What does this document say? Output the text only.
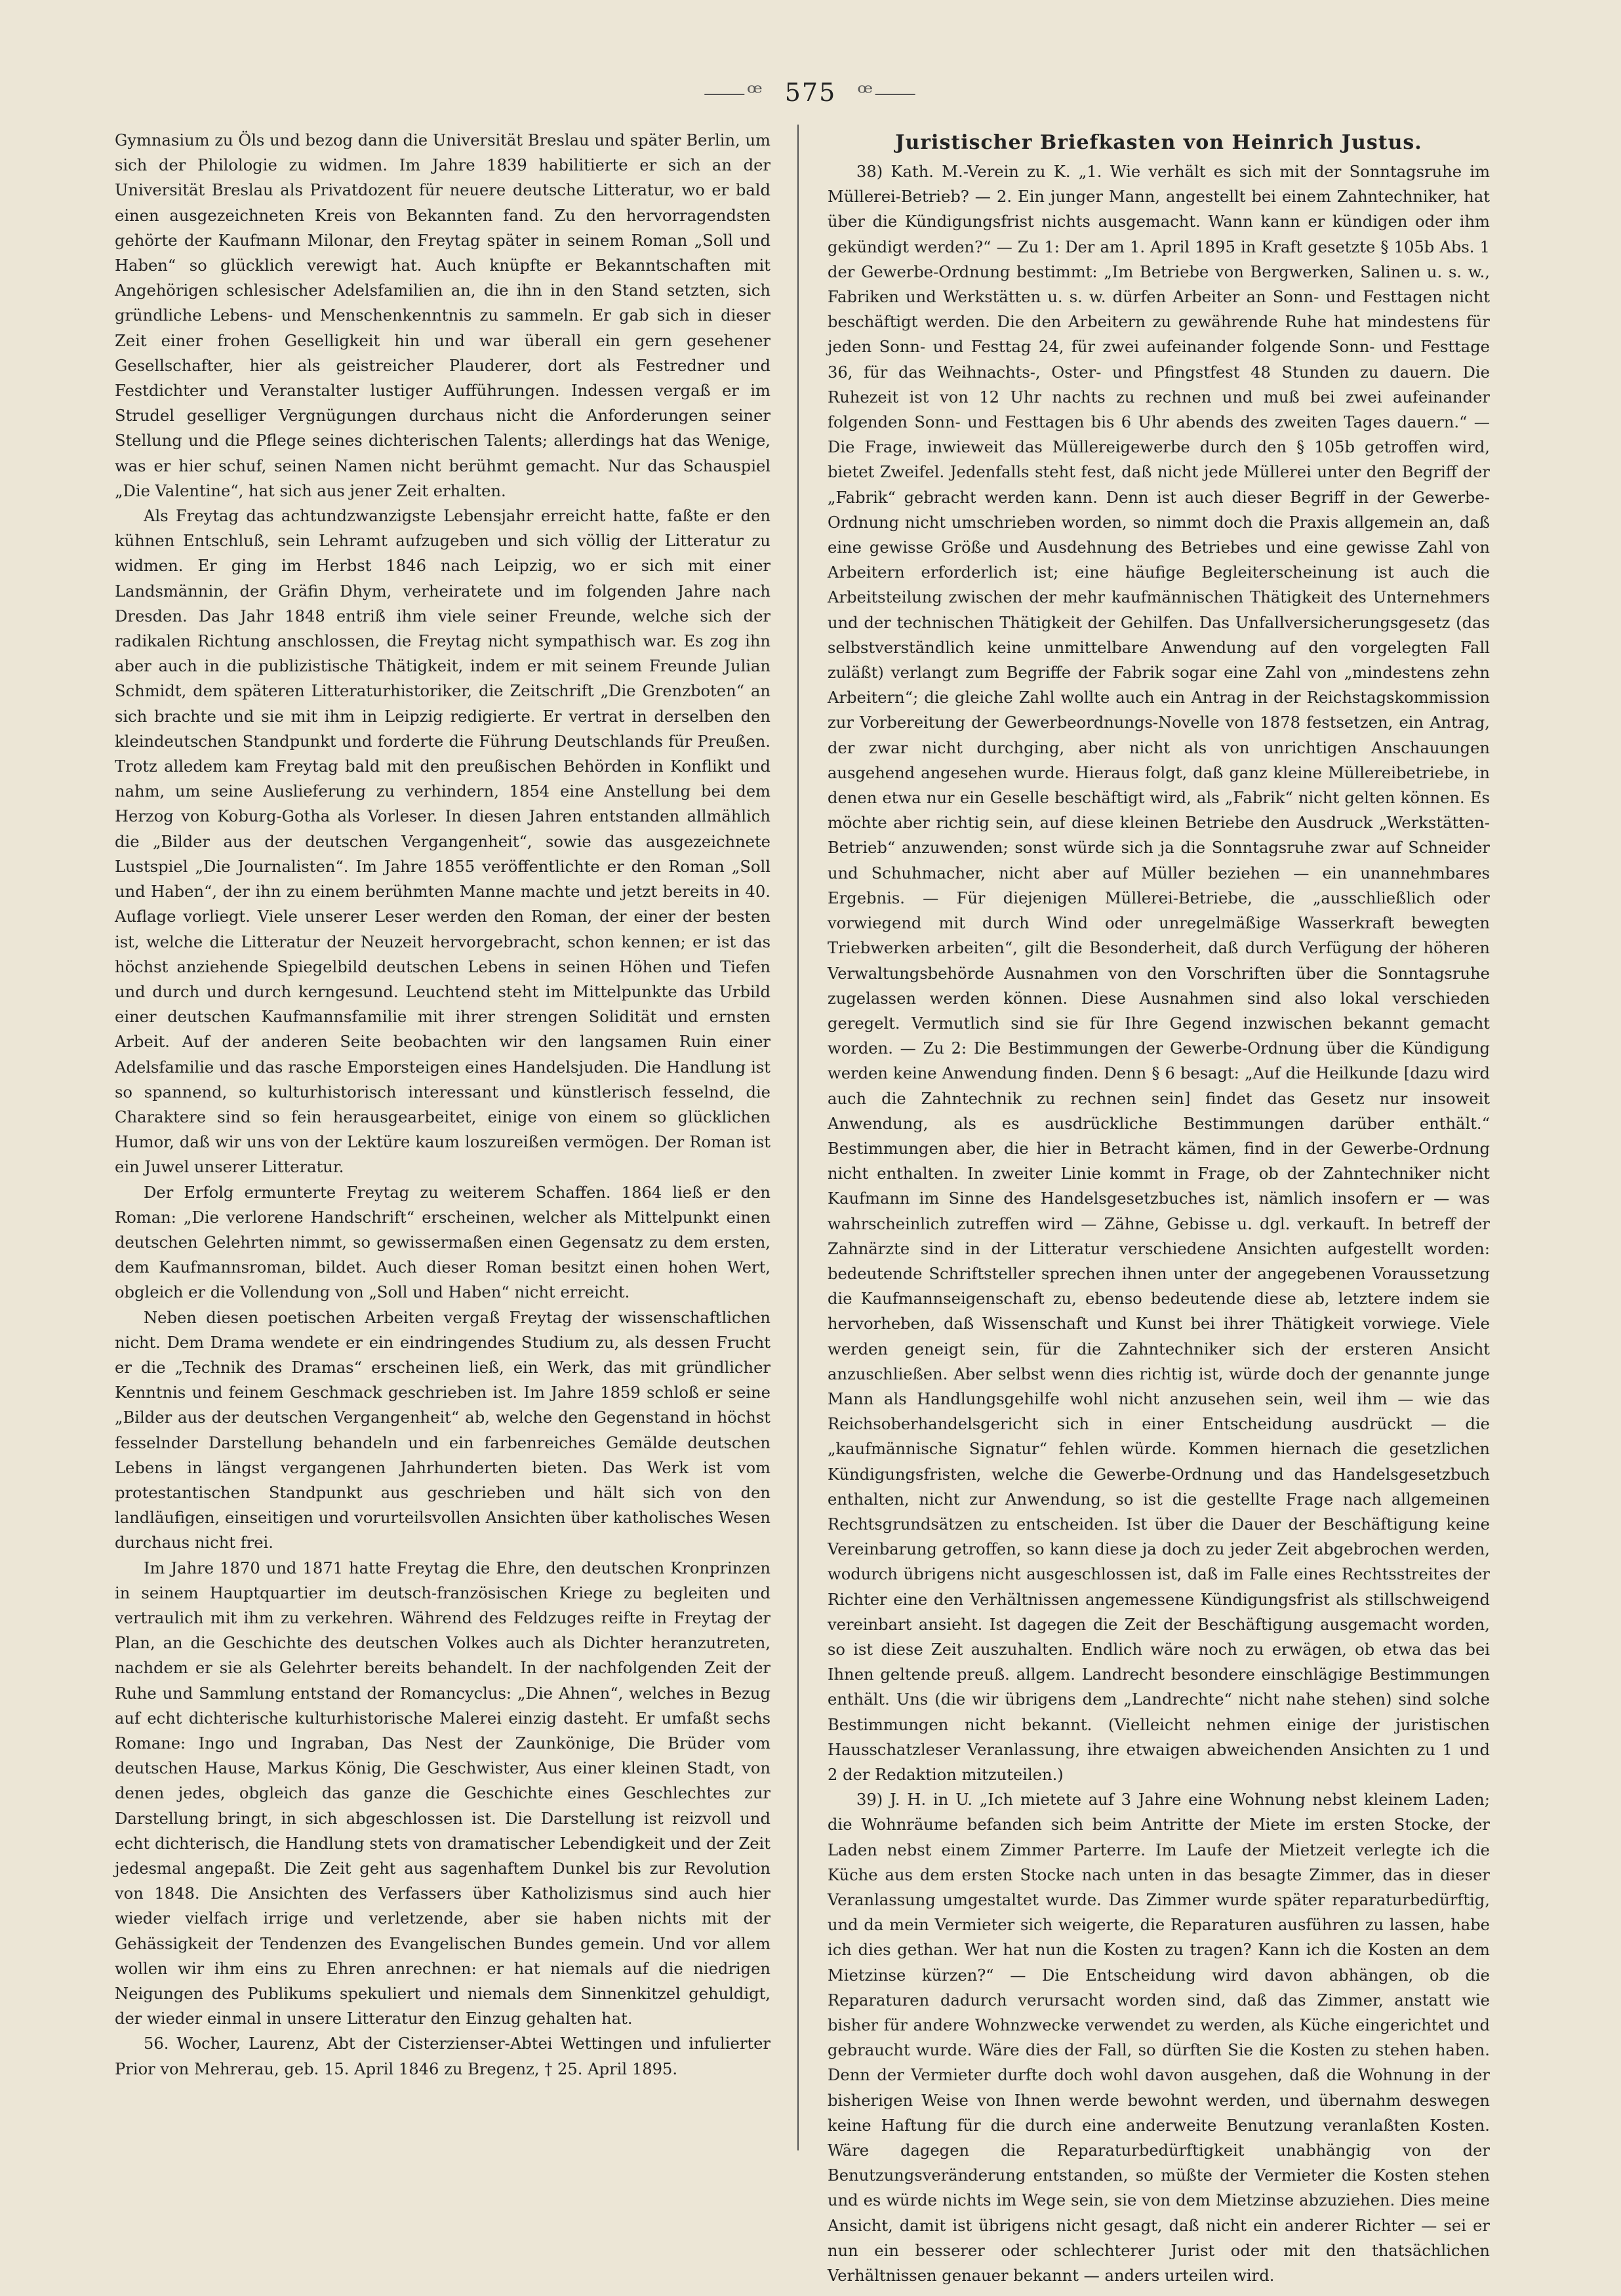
⸺ꟹ 575 ꟹ⸺

Gymnasium zu Öls und bezog dann die Universität Breslau und später Berlin, um sich der Philologie zu widmen. Im Jahre 1839 habilitierte er sich an der Universität Breslau als Privatdozent für neuere deutsche Litteratur, wo er bald einen ausgezeichneten Kreis von Bekannten fand. Zu den hervorragendsten gehörte der Kaufmann Milonar, den Freytag später in seinem Roman „Soll und Haben“ so glücklich verewigt hat. Auch knüpfte er Bekanntschaften mit Angehörigen schlesischer Adelsfamilien an, die ihn in den Stand setzten, sich gründliche Lebens- und Menschenkenntnis zu sammeln. Er gab sich in dieser Zeit einer frohen Geselligkeit hin und war überall ein gern gesehener Gesellschafter, hier als geistreicher Plauderer, dort als Festredner und Festdichter und Veranstalter lustiger Aufführungen. Indessen vergaß er im Strudel geselliger Vergnügungen durchaus nicht die Anforderungen seiner Stellung und die Pflege seines dichterischen Talents; allerdings hat das Wenige, was er hier schuf, seinen Namen nicht berühmt gemacht. Nur das Schauspiel „Die Valentine“, hat sich aus jener Zeit erhalten.

Als Freytag das achtundzwanzigste Lebensjahr erreicht hatte, faßte er den kühnen Entschluß, sein Lehramt aufzugeben und sich völlig der Litteratur zu widmen. Er ging im Herbst 1846 nach Leipzig, wo er sich mit einer Landsmännin, der Gräfin Dhym, verheiratete und im folgenden Jahre nach Dresden. Das Jahr 1848 entriß ihm viele seiner Freunde, welche sich der radikalen Richtung anschlossen, die Freytag nicht sympathisch war. Es zog ihn aber auch in die publizistische Thätigkeit, indem er mit seinem Freunde Julian Schmidt, dem späteren Litteraturhistoriker, die Zeitschrift „Die Grenzboten“ an sich brachte und sie mit ihm in Leipzig redigierte. Er vertrat in derselben den kleindeutschen Standpunkt und forderte die Führung Deutschlands für Preußen. Trotz alledem kam Freytag bald mit den preußischen Behörden in Konflikt und nahm, um seine Auslieferung zu verhindern, 1854 eine Anstellung bei dem Herzog von Koburg-Gotha als Vorleser. In diesen Jahren entstanden allmählich die „Bilder aus der deutschen Vergangenheit“, sowie das ausgezeichnete Lustspiel „Die Journalisten“. Im Jahre 1855 veröffentlichte er den Roman „Soll und Haben“, der ihn zu einem berühmten Manne machte und jetzt bereits in 40. Auflage vorliegt. Viele unserer Leser werden den Roman, der einer der besten ist, welche die Litteratur der Neuzeit hervorgebracht, schon kennen; er ist das höchst anziehende Spiegelbild deutschen Lebens in seinen Höhen und Tiefen und durch und durch kerngesund. Leuchtend steht im Mittelpunkte das Urbild einer deutschen Kaufmannsfamilie mit ihrer strengen Solidität und ernsten Arbeit. Auf der anderen Seite beobachten wir den langsamen Ruin einer Adelsfamilie und das rasche Emporsteigen eines Handelsjuden. Die Handlung ist so spannend, so kulturhistorisch interessant und künstlerisch fesselnd, die Charaktere sind so fein herausgearbeitet, einige von einem so glücklichen Humor, daß wir uns von der Lektüre kaum loszureißen vermögen. Der Roman ist ein Juwel unserer Litteratur.

Der Erfolg ermunterte Freytag zu weiterem Schaffen. 1864 ließ er den Roman: „Die verlorene Handschrift“ erscheinen, welcher als Mittelpunkt einen deutschen Gelehrten nimmt, so gewissermaßen einen Gegensatz zu dem ersten, dem Kaufmannsroman, bildet. Auch dieser Roman besitzt einen hohen Wert, obgleich er die Vollendung von „Soll und Haben“ nicht erreicht.

Neben diesen poetischen Arbeiten vergaß Freytag der wissenschaftlichen nicht. Dem Drama wendete er ein eindringendes Studium zu, als dessen Frucht er die „Technik des Dramas“ erscheinen ließ, ein Werk, das mit gründlicher Kenntnis und feinem Geschmack geschrieben ist. Im Jahre 1859 schloß er seine „Bilder aus der deutschen Vergangenheit“ ab, welche den Gegenstand in höchst fesselnder Darstellung behandeln und ein farbenreiches Gemälde deutschen Lebens in längst vergangenen Jahrhunderten bieten. Das Werk ist vom protestantischen Standpunkt aus geschrieben und hält sich von den landläufigen, einseitigen und vorurteilsvollen Ansichten über katholisches Wesen durchaus nicht frei.

Im Jahre 1870 und 1871 hatte Freytag die Ehre, den deutschen Kronprinzen in seinem Hauptquartier im deutsch-französischen Kriege zu begleiten und vertraulich mit ihm zu verkehren. Während des Feldzuges reifte in Freytag der Plan, an die Geschichte des deutschen Volkes auch als Dichter heranzutreten, nachdem er sie als Gelehrter bereits behandelt. In der nachfolgenden Zeit der Ruhe und Sammlung entstand der Romancyclus: „Die Ahnen“, welches in Bezug auf echt dichterische kulturhistorische Malerei einzig dasteht. Er umfaßt sechs Romane: Ingo und Ingraban, Das Nest der Zaunkönige, Die Brüder vom deutschen Hause, Markus König, Die Geschwister, Aus einer kleinen Stadt, von denen jedes, obgleich das ganze die Geschichte eines Geschlechtes zur Darstellung bringt, in sich abgeschlossen ist. Die Darstellung ist reizvoll und echt dichterisch, die Handlung stets von dramatischer Lebendigkeit und der Zeit jedesmal angepaßt. Die Zeit geht aus sagenhaftem Dunkel bis zur Revolution von 1848. Die Ansichten des Verfassers über Katholizismus sind auch hier wieder vielfach irrige und verletzende, aber sie haben nichts mit der Gehässigkeit der Tendenzen des Evangelischen Bundes gemein. Und vor allem wollen wir ihm eins zu Ehren anrechnen: er hat niemals auf die niedrigen Neigungen des Publikums spekuliert und niemals dem Sinnenkitzel gehuldigt, der wieder einmal in unsere Litteratur den Einzug gehalten hat.

56. Wocher, Laurenz, Abt der Cisterzienser-Abtei Wettingen und infulierter Prior von Mehrerau, geb. 15. April 1846 zu Bregenz, † 25. April 1895.

Juristischer Briefkasten von Heinrich Justus.

38) Kath. M.-Verein zu K. „1. Wie verhält es sich mit der Sonntagsruhe im Müllerei-Betrieb? — 2. Ein junger Mann, angestellt bei einem Zahntechniker, hat über die Kündigungsfrist nichts ausgemacht. Wann kann er kündigen oder ihm gekündigt werden?“ — Zu 1: Der am 1. April 1895 in Kraft gesetzte § 105b Abs. 1 der Gewerbe-Ordnung bestimmt: „Im Betriebe von Bergwerken, Salinen u. s. w., Fabriken und Werkstätten u. s. w. dürfen Arbeiter an Sonn- und Festtagen nicht beschäftigt werden. Die den Arbeitern zu gewährende Ruhe hat mindestens für jeden Sonn- und Festtag 24, für zwei aufeinander folgende Sonn- und Festtage 36, für das Weihnachts-, Oster- und Pfingstfest 48 Stunden zu dauern. Die Ruhezeit ist von 12 Uhr nachts zu rechnen und muß bei zwei aufeinander folgenden Sonn- und Festtagen bis 6 Uhr abends des zweiten Tages dauern.“ — Die Frage, inwieweit das Müllereigewerbe durch den § 105b getroffen wird, bietet Zweifel. Jedenfalls steht fest, daß nicht jede Müllerei unter den Begriff der „Fabrik“ gebracht werden kann. Denn ist auch dieser Begriff in der Gewerbe-Ordnung nicht umschrieben worden, so nimmt doch die Praxis allgemein an, daß eine gewisse Größe und Ausdehnung des Betriebes und eine gewisse Zahl von Arbeitern erforderlich ist; eine häufige Begleiterscheinung ist auch die Arbeitsteilung zwischen der mehr kaufmännischen Thätigkeit des Unternehmers und der technischen Thätigkeit der Gehilfen. Das Unfallversicherungsgesetz (das selbstverständlich keine unmittelbare Anwendung auf den vorgelegten Fall zuläßt) verlangt zum Begriffe der Fabrik sogar eine Zahl von „mindestens zehn Arbeitern“; die gleiche Zahl wollte auch ein Antrag in der Reichstagskommission zur Vorbereitung der Gewerbeordnungs-Novelle von 1878 festsetzen, ein Antrag, der zwar nicht durchging, aber nicht als von unrichtigen Anschauungen ausgehend angesehen wurde. Hieraus folgt, daß ganz kleine Müllereibetriebe, in denen etwa nur ein Geselle beschäftigt wird, als „Fabrik“ nicht gelten können. Es möchte aber richtig sein, auf diese kleinen Betriebe den Ausdruck „Werkstätten-Betrieb“ anzuwenden; sonst würde sich ja die Sonntagsruhe zwar auf Schneider und Schuhmacher, nicht aber auf Müller beziehen — ein unannehmbares Ergebnis. — Für diejenigen Müllerei-Betriebe, die „ausschließlich oder vorwiegend mit durch Wind oder unregelmäßige Wasserkraft bewegten Triebwerken arbeiten“, gilt die Besonderheit, daß durch Verfügung der höheren Verwaltungsbehörde Ausnahmen von den Vorschriften über die Sonntagsruhe zugelassen werden können. Diese Ausnahmen sind also lokal verschieden geregelt. Vermutlich sind sie für Ihre Gegend inzwischen bekannt gemacht worden. — Zu 2: Die Bestimmungen der Gewerbe-Ordnung über die Kündigung werden keine Anwendung finden. Denn § 6 besagt: „Auf die Heilkunde [dazu wird auch die Zahntechnik zu rechnen sein] findet das Gesetz nur insoweit Anwendung, als es ausdrückliche Bestimmungen darüber enthält.“ Bestimmungen aber, die hier in Betracht kämen, find in der Gewerbe-Ordnung nicht enthalten. In zweiter Linie kommt in Frage, ob der Zahntechniker nicht Kaufmann im Sinne des Handelsgesetzbuches ist, nämlich insofern er — was wahrscheinlich zutreffen wird — Zähne, Gebisse u. dgl. verkauft. In betreff der Zahnärzte sind in der Litteratur verschiedene Ansichten aufgestellt worden: bedeutende Schriftsteller sprechen ihnen unter der angegebenen Voraussetzung die Kaufmannseigenschaft zu, ebenso bedeutende diese ab, letztere indem sie hervorheben, daß Wissenschaft und Kunst bei ihrer Thätigkeit vorwiege. Viele werden geneigt sein, für die Zahntechniker sich der ersteren Ansicht anzuschließen. Aber selbst wenn dies richtig ist, würde doch der genannte junge Mann als Handlungsgehilfe wohl nicht anzusehen sein, weil ihm — wie das Reichsoberhandelsgericht sich in einer Entscheidung ausdrückt — die „kaufmännische Signatur“ fehlen würde. Kommen hiernach die gesetzlichen Kündigungsfristen, welche die Gewerbe-Ordnung und das Handelsgesetzbuch enthalten, nicht zur Anwendung, so ist die gestellte Frage nach allgemeinen Rechtsgrundsätzen zu entscheiden. Ist über die Dauer der Beschäftigung keine Vereinbarung getroffen, so kann diese ja doch zu jeder Zeit abgebrochen werden, wodurch übrigens nicht ausgeschlossen ist, daß im Falle eines Rechtsstreites der Richter eine den Verhältnissen angemessene Kündigungsfrist als stillschweigend vereinbart ansieht. Ist dagegen die Zeit der Beschäftigung ausgemacht worden, so ist diese Zeit auszuhalten. Endlich wäre noch zu erwägen, ob etwa das bei Ihnen geltende preuß. allgem. Landrecht besondere einschlägige Bestimmungen enthält. Uns (die wir übrigens dem „Landrechte“ nicht nahe stehen) sind solche Bestimmungen nicht bekannt. (Vielleicht nehmen einige der juristischen Hausschatzleser Veranlassung, ihre etwaigen abweichenden Ansichten zu 1 und 2 der Redaktion mitzuteilen.)

39) J. H. in U. „Ich mietete auf 3 Jahre eine Wohnung nebst kleinem Laden; die Wohnräume befanden sich beim Antritte der Miete im ersten Stocke, der Laden nebst einem Zimmer Parterre. Im Laufe der Mietzeit verlegte ich die Küche aus dem ersten Stocke nach unten in das besagte Zimmer, das in dieser Veranlassung umgestaltet wurde. Das Zimmer wurde später reparaturbedürftig, und da mein Vermieter sich weigerte, die Reparaturen ausführen zu lassen, habe ich dies gethan. Wer hat nun die Kosten zu tragen? Kann ich die Kosten an dem Mietzinse kürzen?“ — Die Entscheidung wird davon abhängen, ob die Reparaturen dadurch verursacht worden sind, daß das Zimmer, anstatt wie bisher für andere Wohnzwecke verwendet zu werden, als Küche eingerichtet und gebraucht wurde. Wäre dies der Fall, so dürften Sie die Kosten zu stehen haben. Denn der Vermieter durfte doch wohl davon ausgehen, daß die Wohnung in der bisherigen Weise von Ihnen werde bewohnt werden, und übernahm deswegen keine Haftung für die durch eine anderweite Benutzung veranlaßten Kosten. Wäre dagegen die Reparaturbedürftigkeit unabhängig von der Benutzungsveränderung entstanden, so müßte der Vermieter die Kosten stehen und es würde nichts im Wege sein, sie von dem Mietzinse abzuziehen. Dies meine Ansicht, damit ist übrigens nicht gesagt, daß nicht ein anderer Richter — sei er nun ein besserer oder schlechterer Jurist oder mit den thatsächlichen Verhältnissen genauer bekannt — anders urteilen wird.
